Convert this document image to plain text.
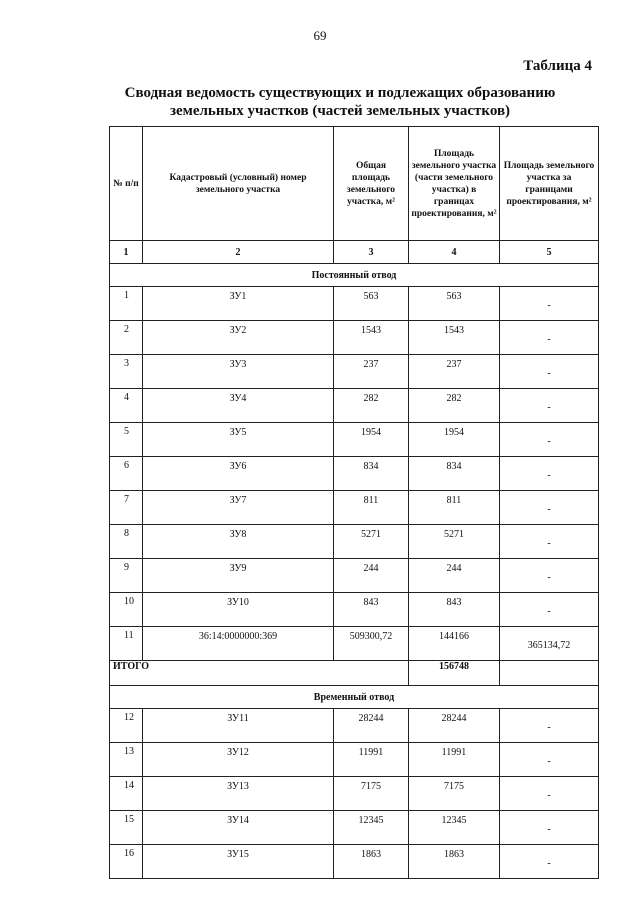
69
Таблица 4
Сводная ведомость существующих и подлежащих образованию
земельных участков (частей земельных участков)
№ п/п	Кадастровый (условный) номер земельного участка	Общая площадь земельного участка, м²	Площадь земельного участка (части земельного участка) в границах проектирования, м²	Площадь земельного участка за границами проектирования, м²
1	2	3	4	5
Постоянный отвод				
1	ЗУ1	563	563	-
2	ЗУ2	1543	1543	-
3	ЗУ3	237	237	-
4	ЗУ4	282	282	-
5	ЗУ5	1954	1954	-
6	ЗУ6	834	834	-
7	ЗУ7	811	811	-
8	ЗУ8	5271	5271	-
9	ЗУ9	244	244	-
10	ЗУ10	843	843	-
11	36:14:0000000:369	509300,72	144166	365134,72
ИТОГО			156748	
Временный отвод				
12	ЗУ11	28244	28244	-
13	ЗУ12	11991	11991	-
14	ЗУ13	7175	7175	-
15	ЗУ14	12345	12345	-
16	ЗУ15	1863	1863	-
